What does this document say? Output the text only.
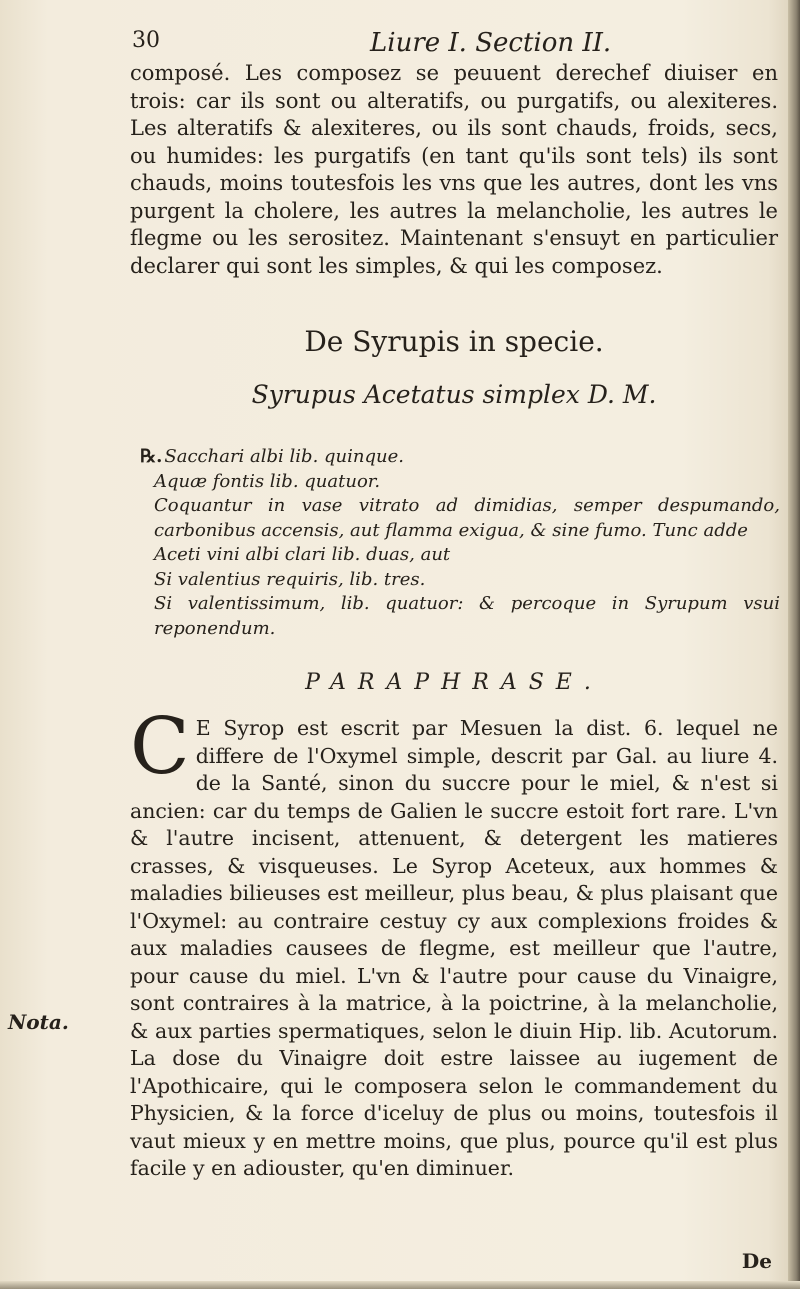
30	Liure I. Section II.
composé. Les composez se peuuent derechef diuiser en trois: car ils sont ou alteratifs, ou purgatifs, ou alexiteres. Les alteratifs & alexiteres, ou ils sont chauds, froids, secs, ou humides: les purgatifs (en tant qu'ils sont tels) ils sont chauds, moins toutesfois les vns que les autres, dont les vns purgent la cholere, les autres la melancholie, les autres le flegme ou les serositez. Maintenant s'ensuyt en particulier declarer qui sont les simples, & qui les composez.
De Syrupis in specie.
Syrupus Acetatus simplex D. M.
℞. Sacchari albi lib. quinque.
Aquæ fontis lib. quatuor.
Coquantur in vase vitrato ad dimidias, semper despumando, carbonibus accensis, aut flamma exigua, & sine fumo. Tunc adde
Aceti vini albi clari lib. duas, aut
Si valentius requiris, lib. tres.
Si valentissimum, lib. quatuor: & percoque in Syrupum vsui reponendum.
PARAPHRASE.
C E Syrop est escrit par Mesuen la dist. 6. lequel ne differe de l'Oxymel simple, descrit par Gal. au liure 4. de la Santé, sinon du succre pour le miel, & n'est si ancien: car du temps de Galien le succre estoit fort rare. L'vn & l'autre incisent, attenuent, & detergent les matieres crasses, & visqueuses. Le Syrop Aceteux, aux hommes & maladies bilieuses est meilleur, plus beau, & plus plaisant que l'Oxymel: au contraire cestuy cy aux complexions froides & aux maladies causees de flegme, est meilleur que l'autre, pour cause du miel. L'vn & l'autre pour cause du Vinaigre, sont contraires à la matrice, à la poictrine, à la melancholie, & aux parties spermatiques, selon le diuin Hip. lib. Acutorum. La dose du Vinaigre doit estre laissee au iugement de l'Apothicaire, qui le composera selon le commandement du Physicien, & la force d'iceluy de plus ou moins, toutesfois il vaut mieux y en mettre moins, que plus, pource qu'il est plus facile y en adiouster, qu'en diminuer.
Nota.
De
